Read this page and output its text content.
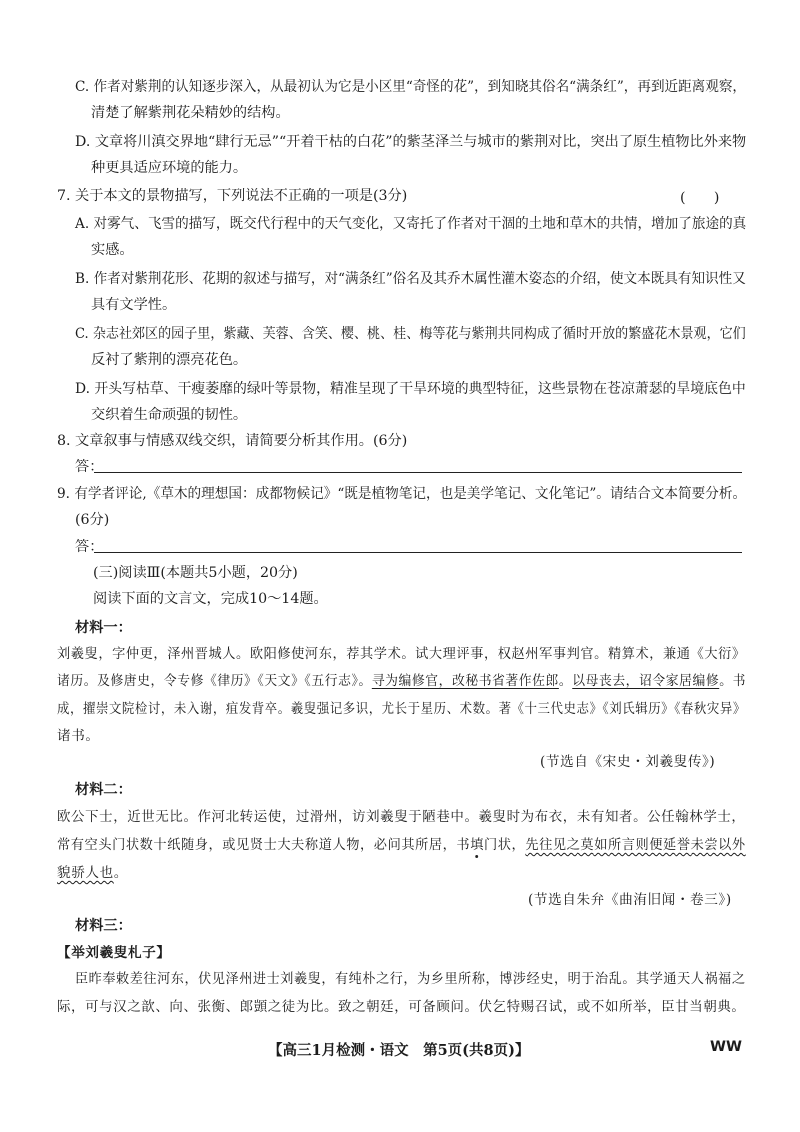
C. 作者对紫荆的认知逐步深入，从最初认为它是小区里“奇怪的花”，到知晓其俗名“满条红”，再到近距离观察，
清楚了解紫荆花朵精妙的结构。
D. 文章将川滇交界地“肆行无忌”“开着干枯的白花”的紫茎泽兰与城市的紫荆对比，突出了原生植物比外来物
种更具适应环境的能力。
7. 关于本文的景物描写，下列说法不正确的一项是(3分)	(　　)
A. 对雾气、飞雪的描写，既交代行程中的天气变化，又寄托了作者对干涸的土地和草木的共情，增加了旅途的真
实感。
B. 作者对紫荆花形、花期的叙述与描写，对“满条红”俗名及其乔木属性灌木姿态的介绍，使文本既具有知识性又
具有文学性。
C. 杂志社郊区的园子里，紫藏、芙蓉、含笑、樱、桃、桂、梅等花与紫荆共同构成了循时开放的繁盛花木景观，它们
反衬了紫荆的漂亮花色。
D. 开头写枯草、干瘦萎靡的绿叶等景物，精准呈现了干旱环境的典型特征，这些景物在苍凉萧瑟的旱境底色中
交织着生命顽强的韧性。
8. 文章叙事与情感双线交织，请简要分析其作用。(6分)
答：
9. 有学者评论,《草木的理想国：成都物候记》“既是植物笔记，也是美学笔记、文化笔记”。请结合文本简要分析。
(6分)
答：
(三)阅读Ⅲ(本题共5小题，20分)
阅读下面的文言文，完成10～14题。
材料一：
刘羲叟，字仲更，泽州晋城人。欧阳修使河东，荐其学术。试大理评事，权赵州军事判官。精算术，兼通《大衍》
诸历。及修唐史，令专修《律历》《天文》《五行志》。寻为编修官，改秘书省著作佐郎。以母丧去，诏令家居编修。书
成，擢崇文院检讨，未入谢，疽发背卒。羲叟强记多识，尤长于星历、术数。著《十三代史志》《刘氏辑历》《春秋灾异》
诸书。
(节选自《宋史・刘羲叟传》)
材料二：
欧公下士，近世无比。作河北转运使，过滑州，访刘羲叟于陋巷中。羲叟时为布衣，未有知者。公任翰林学士，
常有空头门状数十纸随身，或见贤士大夫称道人物，必问其所居，书填门状，先往见之莫如所言则便延誉未尝以外
貌骄人也。
(节选自朱弁《曲洧旧闻・卷三》)
材料三：
【举刘羲叟札子】
臣昨奉敕差往河东，伏见泽州进士刘羲叟，有纯朴之行，为乡里所称，博涉经史，明于治乱。其学通天人祸福之
际，可与汉之歆、向、张衡、郎顗之徒为比。致之朝廷，可备顾问。伏乞特赐召试，或不如所举，臣甘当朝典。
【高三1月检测・语文　第5页(共8页)】	WW
